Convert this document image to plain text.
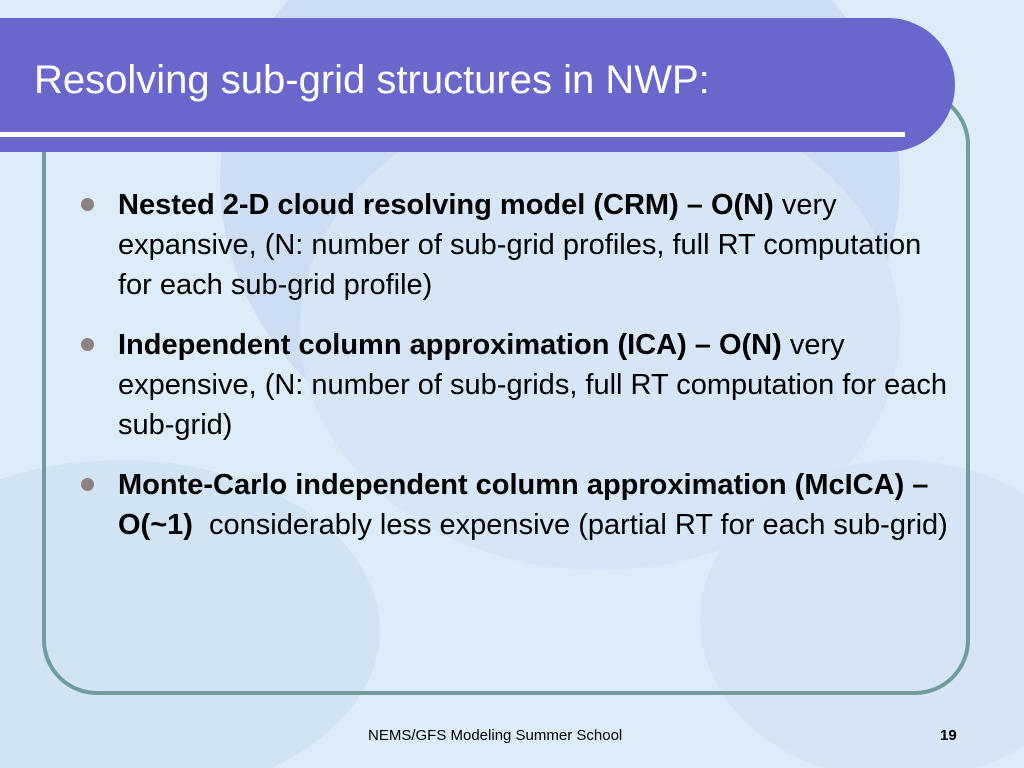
Resolving sub-grid structures in NWP:
Nested 2-D cloud resolving model (CRM) – O(N) very expansive, (N: number of sub-grid profiles, full RT computation for each sub-grid profile)
Independent column approximation (ICA) – O(N) very expensive, (N: number of sub-grids, full RT computation for each sub-grid)
Monte-Carlo independent column approximation (McICA) – O(~1)  considerably less expensive (partial RT for each sub-grid)
NEMS/GFS Modeling Summer School	19
